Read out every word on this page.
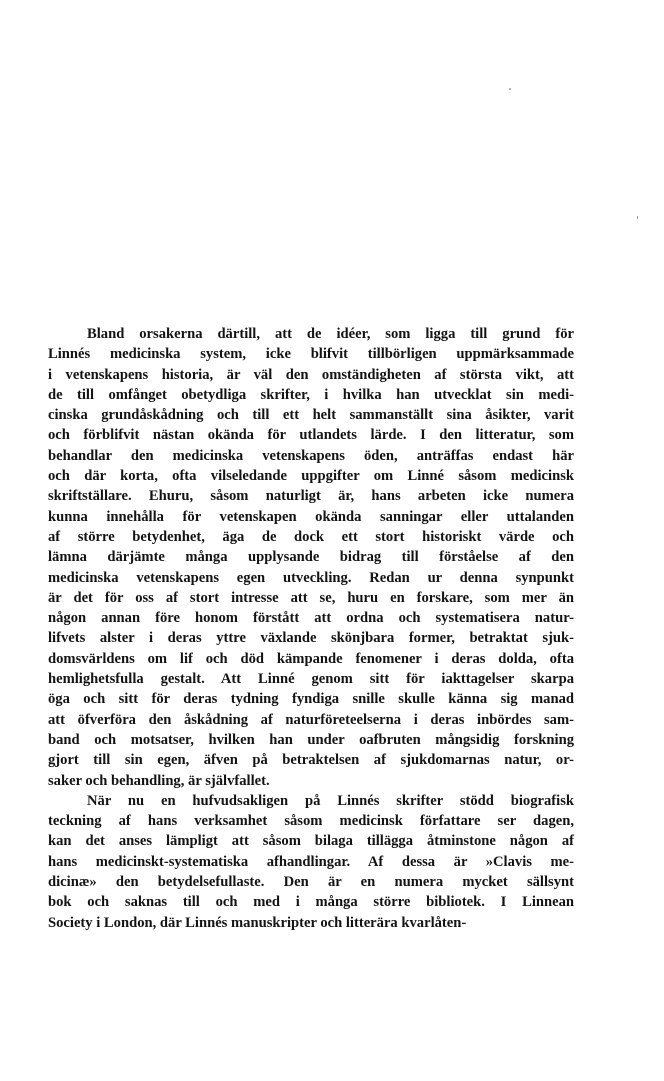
Bland orsakerna därtill, att de idéer, som ligga till grund för
Linnés medicinska system, icke blifvit tillbörligen uppmärksammade
i vetenskapens historia, är väl den omständigheten af största vikt, att
de till omfånget obetydliga skrifter, i hvilka han utvecklat sin medi-
cinska grundåskådning och till ett helt sammanställt sina åsikter, varit
och förblifvit nästan okända för utlandets lärde. I den litteratur, som
behandlar den medicinska vetenskapens öden, anträffas endast här
och där korta, ofta vilseledande uppgifter om Linné såsom medicinsk
skriftställare. Ehuru, såsom naturligt är, hans arbeten icke numera
kunna innehålla för vetenskapen okända sanningar eller uttalanden
af större betydenhet, äga de dock ett stort historiskt värde och
lämna därjämte många upplysande bidrag till förståelse af den
medicinska vetenskapens egen utveckling. Redan ur denna synpunkt
är det för oss af stort intresse att se, huru en forskare, som mer än
någon annan före honom förstått att ordna och systematisera natur-
lifvets alster i deras yttre växlande skönjbara former, betraktat sjuk-
domsvärldens om lif och död kämpande fenomener i deras dolda, ofta
hemlighetsfulla gestalt. Att Linné genom sitt för iakttagelser skarpa
öga och sitt för deras tydning fyndiga snille skulle känna sig manad
att öfverföra den åskådning af naturföreteelserna i deras inbördes sam-
band och motsatser, hvilken han under oafbruten mångsidig forskning
gjort till sin egen, äfven på betraktelsen af sjukdomarnas natur, or-
saker och behandling, är självfallet.
När nu en hufvudsakligen på Linnés skrifter stödd biografisk
teckning af hans verksamhet såsom medicinsk författare ser dagen,
kan det anses lämpligt att såsom bilaga tillägga åtminstone någon af
hans medicinskt-systematiska afhandlingar. Af dessa är »Clavis me-
dicinæ» den betydelsefullaste. Den är en numera mycket sällsynt
bok och saknas till och med i många större bibliotek. I Linnean
Society i London, där Linnés manuskripter och litterära kvarlåten-
